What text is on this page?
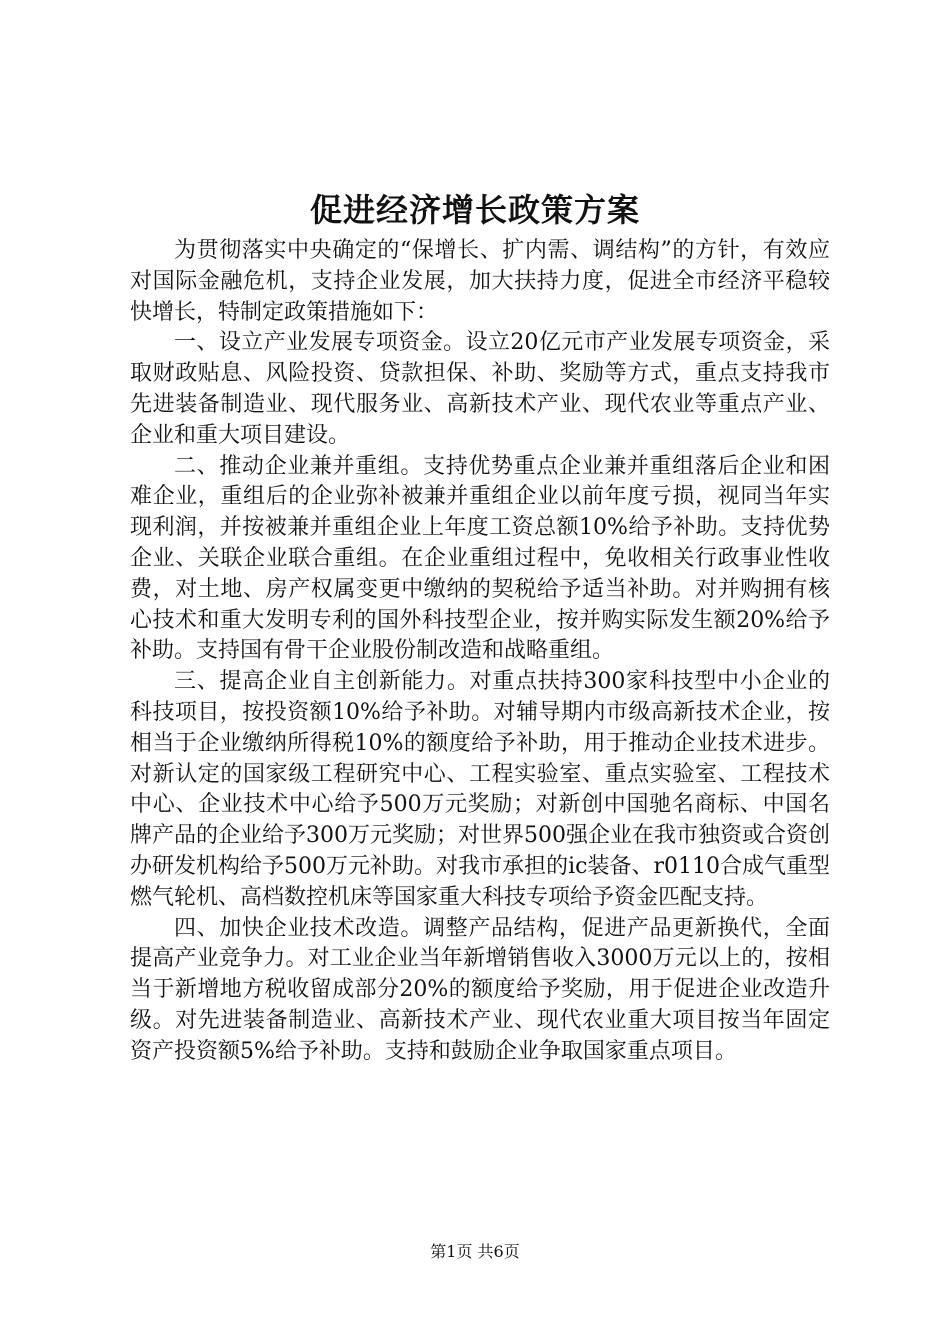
促进经济增长政策方案

为贯彻落实中央确定的“保增长、扩内需、调结构”的方针，有效应对国际金融危机，支持企业发展，加大扶持力度，促进全市经济平稳较快增长，特制定政策措施如下：

一、设立产业发展专项资金。设立20亿元市产业发展专项资金，采取财政贴息、风险投资、贷款担保、补助、奖励等方式，重点支持我市先进装备制造业、现代服务业、高新技术产业、现代农业等重点产业、企业和重大项目建设。

二、推动企业兼并重组。支持优势重点企业兼并重组落后企业和困难企业，重组后的企业弥补被兼并重组企业以前年度亏损，视同当年实现利润，并按被兼并重组企业上年度工资总额10%给予补助。支持优势企业、关联企业联合重组。在企业重组过程中，免收相关行政事业性收费，对土地、房产权属变更中缴纳的契税给予适当补助。对并购拥有核心技术和重大发明专利的国外科技型企业，按并购实际发生额20%给予补助。支持国有骨干企业股份制改造和战略重组。

三、提高企业自主创新能力。对重点扶持300家科技型中小企业的科技项目，按投资额10%给予补助。对辅导期内市级高新技术企业，按相当于企业缴纳所得税10%的额度给予补助，用于推动企业技术进步。对新认定的国家级工程研究中心、工程实验室、重点实验室、工程技术中心、企业技术中心给予500万元奖励；对新创中国驰名商标、中国名牌产品的企业给予300万元奖励；对世界500强企业在我市独资或合资创办研发机构给予500万元补助。对我市承担的ic装备、r0110合成气重型燃气轮机、高档数控机床等国家重大科技专项给予资金匹配支持。

四、加快企业技术改造。调整产品结构，促进产品更新换代，全面提高产业竞争力。对工业企业当年新增销售收入3000万元以上的，按相当于新增地方税收留成部分20%的额度给予奖励，用于促进企业改造升级。对先进装备制造业、高新技术产业、现代农业重大项目按当年固定资产投资额5%给予补助。支持和鼓励企业争取国家重点项目。

第1页 共6页
